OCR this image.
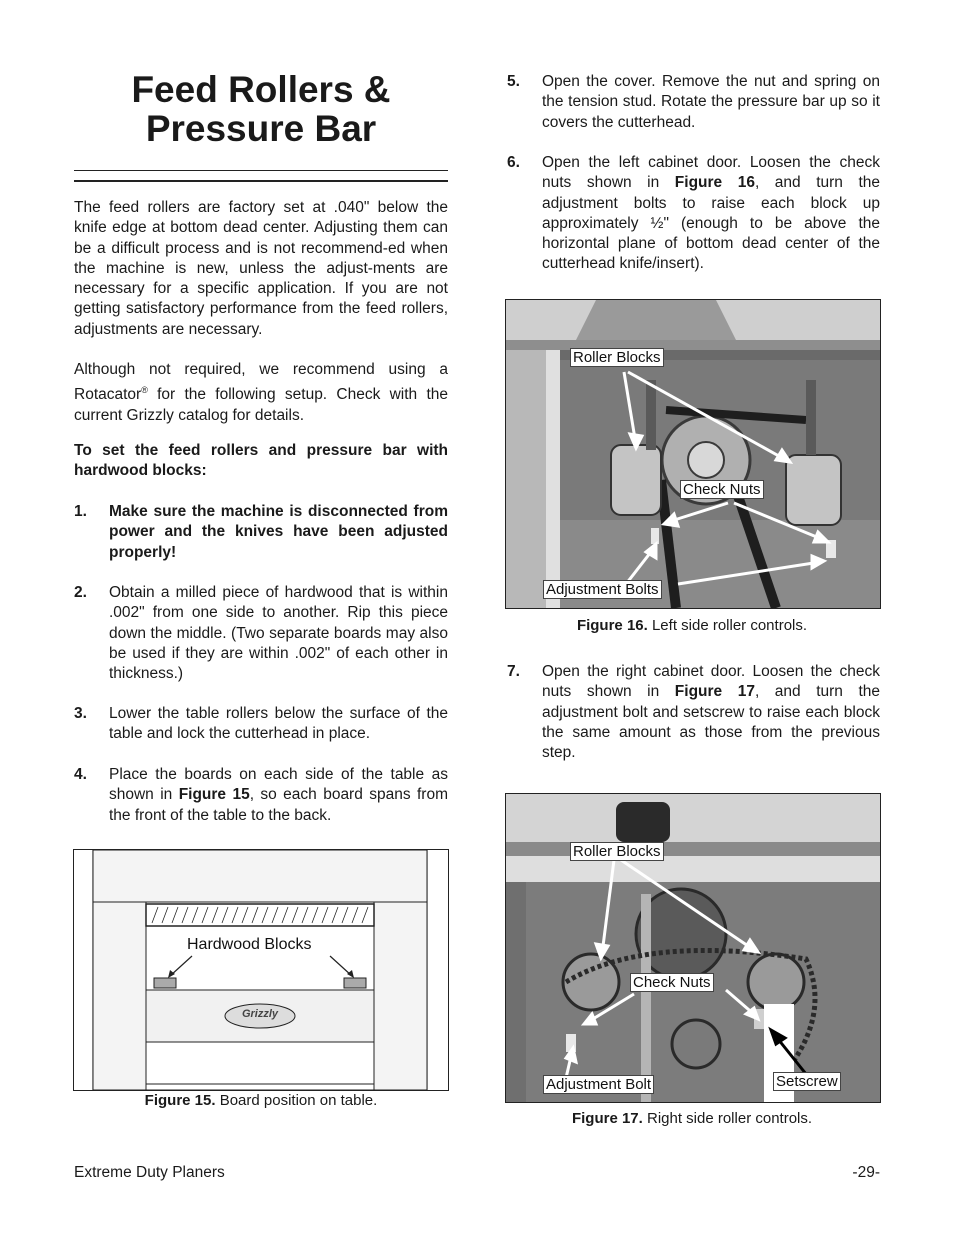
Feed Rollers &
Pressure Bar

The feed rollers are factory set at .040" below the knife edge at bottom dead center. Adjusting them can be a difficult process and is not recommend-ed when the machine is new, unless the adjust-ments are necessary for a specific application. If you are not getting satisfactory performance from the feed rollers, adjustments are necessary.

Although not required, we recommend using a Rotacator® for the following setup. Check with the current Grizzly catalog for details.

To set the feed rollers and pressure bar with hardwood blocks:

1. Make sure the machine is disconnected from power and the knives have been adjusted properly!
2. Obtain a milled piece of hardwood that is within .002" from one side to another. Rip this piece down the middle. (Two separate boards may also be used if they are within .002" of each other in thickness.)
3. Lower the table rollers below the surface of the table and lock the cutterhead in place.
4. Place the boards on each side of the table as shown in Figure 15, so each board spans from the front of the table to the back.
Hardwood Blocks
Grizzly
Figure 15. Board position on table.
5. Open the cover. Remove the nut and spring on the tension stud. Rotate the pressure bar up so it covers the cutterhead.
6. Open the left cabinet door. Loosen the check nuts shown in Figure 16, and turn the adjustment bolts to raise each block up approximately ½" (enough to be above the horizontal plane of bottom dead center of the cutterhead knife/insert).
Roller Blocks
Check Nuts
Adjustment Bolts
Figure 16. Left side roller controls.
7. Open the right cabinet door. Loosen the check nuts shown in Figure 17, and turn the adjustment bolt and setscrew to raise each block the same amount as those from the previous step.
Roller Blocks
Check Nuts
Adjustment Bolt	Setscrew
Figure 17. Right side roller controls.
Extreme Duty Planers	-29-
